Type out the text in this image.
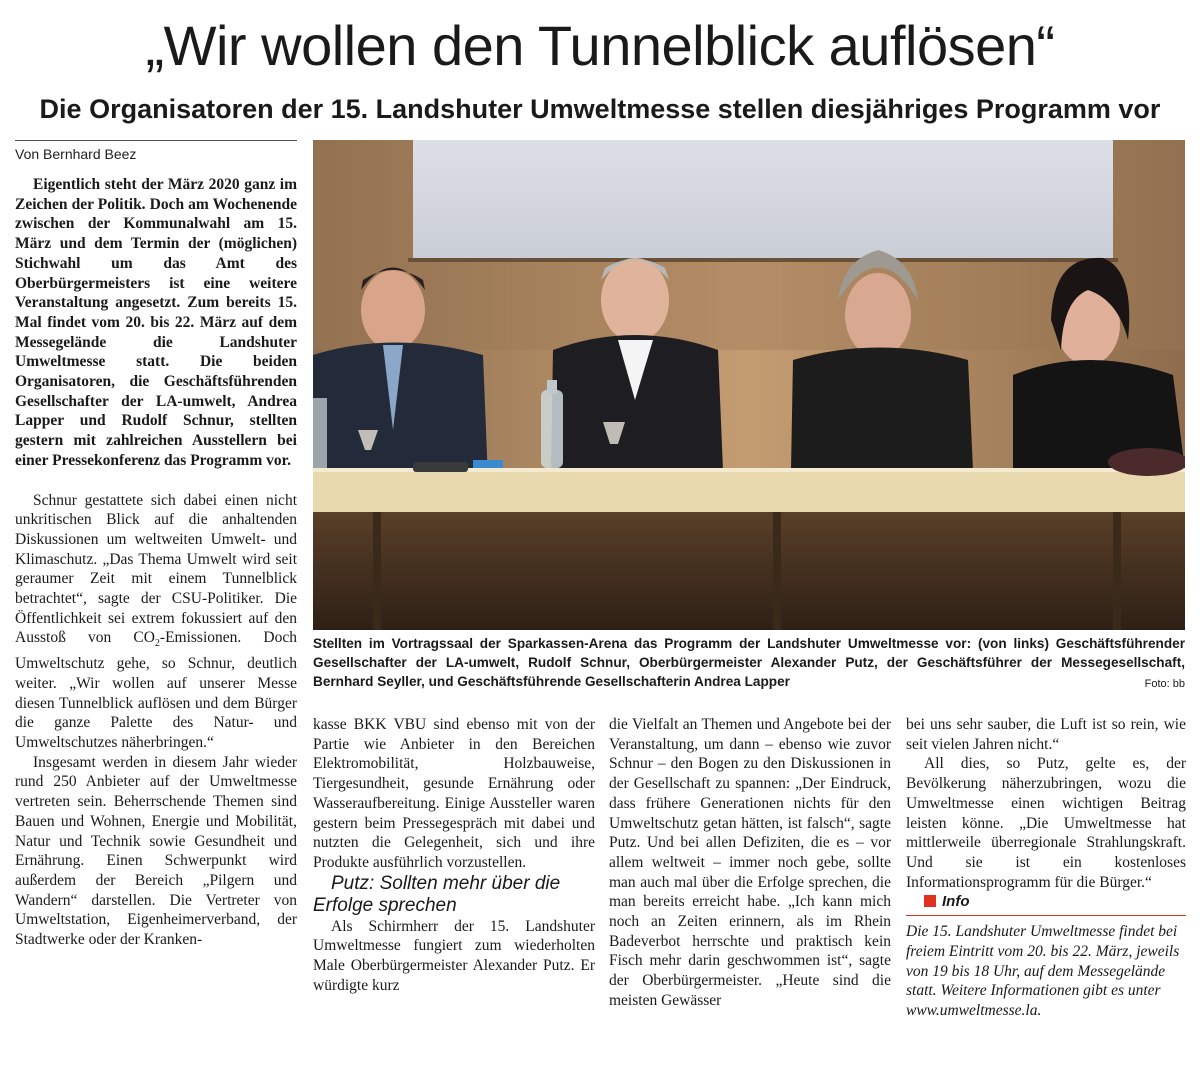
„Wir wollen den Tunnelblick auflösen“
Die Organisatoren der 15. Landshuter Umweltmesse stellen diesjähriges Programm vor
Von Bernhard Beez

Eigentlich steht der März 2020 ganz im Zeichen der Politik. Doch am Wochenende zwischen der Kommunalwahl am 15. März und dem Termin der (möglichen) Stichwahl um das Amt des Oberbürgermeisters ist eine weitere Veranstaltung angesetzt. Zum bereits 15. Mal findet vom 20. bis 22. März auf dem Messegelände die Landshuter Umweltmesse statt. Die beiden Organisatoren, die Geschäftsführenden Gesellschafter der LA-umwelt, Andrea Lapper und Rudolf Schnur, stellten gestern mit zahlreichen Ausstellern bei einer Pressekonferenz das Programm vor.

Schnur gestattete sich dabei einen nicht unkritischen Blick auf die anhaltenden Diskussionen um weltweiten Umwelt- und Klimaschutz. „Das Thema Umwelt wird seit geraumer Zeit mit einem Tunnelblick betrachtet“, sagte der CSU-Politiker. Die Öffentlichkeit sei extrem fokussiert auf den Ausstoß von $CO_2$-Emissionen. Doch Umweltschutz gehe, so Schnur, deutlich weiter. „Wir wollen auf unserer Messe diesen Tunnelblick auflösen und dem Bürger die ganze Palette des Natur- und Umweltschutzes näherbringen.“

Insgesamt werden in diesem Jahr wieder rund 250 Anbieter auf der Umweltmesse vertreten sein. Beherrschende Themen sind Bauen und Wohnen, Energie und Mobilität, Natur und Technik sowie Gesundheit und Ernährung. Einen Schwerpunkt wird außerdem der Bereich „Pilgern und Wandern“ darstellen. Die Vertreter von Umweltstation, Eigenheimerverband, der Stadtwerke oder der Kranken-

Stellten im Vortragssaal der Sparkassen-Arena das Programm der Landshuter Umweltmesse vor: (von links) Geschäftsführender Gesellschafter der LA-umwelt, Rudolf Schnur, Oberbürgermeister Alexander Putz, der Geschäftsführer der Messegesellschaft, Bernhard Seyller, und Geschäftsführende Gesellschafterin Andrea Lapper	Foto: bb

kasse BKK VBU sind ebenso mit von der Partie wie Anbieter in den Bereichen Elektromobilität, Holzbauweise, Tiergesundheit, gesunde Ernährung oder Wasseraufbereitung. Einige Aussteller waren gestern beim Pressegespräch mit dabei und nutzten die Gelegenheit, sich und ihre Produkte ausführlich vorzustellen.

Putz: Sollten mehr über die Erfolge sprechen

Als Schirmherr der 15. Landshuter Umweltmesse fungiert zum wiederholten Male Oberbürgermeister Alexander Putz. Er würdigte kurz

die Vielfalt an Themen und Angebote bei der Veranstaltung, um dann – ebenso wie zuvor Schnur – den Bogen zu den Diskussionen in der Gesellschaft zu spannen: „Der Eindruck, dass frühere Generationen nichts für den Umweltschutz getan hätten, ist falsch“, sagte Putz. Und bei allen Defiziten, die es – vor allem weltweit – immer noch gebe, sollte man auch mal über die Erfolge sprechen, die man bereits erreicht habe. „Ich kann mich noch an Zeiten erinnern, als im Rhein Badeverbot herrschte und praktisch kein Fisch mehr darin geschwommen ist“, sagte der Oberbürgermeister. „Heute sind die meisten Gewässer

bei uns sehr sauber, die Luft ist so rein, wie seit vielen Jahren nicht.“

All dies, so Putz, gelte es, der Bevölkerung näherzubringen, wozu die Umweltmesse einen wichtigen Beitrag leisten könne. „Die Umweltmesse hat mittlerweile überregionale Strahlungskraft. Und sie ist ein kostenloses Informationsprogramm für die Bürger.“

Info

Die 15. Landshuter Umweltmesse findet bei freiem Eintritt vom 20. bis 22. März, jeweils von 19 bis 18 Uhr, auf dem Messegelände statt. Weitere Informationen gibt es unter www.umweltmesse.la.
